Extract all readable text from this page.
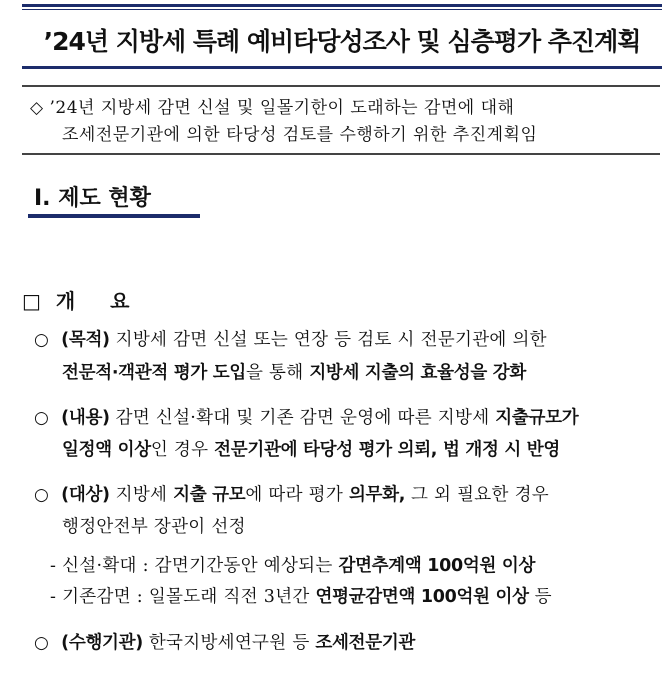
’24년 지방세 특례 예비타당성조사 및 심층평가 추진계획
◇ ’24년 지방세 감면 신설 및 일몰기한이 도래하는 감면에 대해
조세전문기관에 의한 타당성 검토를 수행하기 위한 추진계획임
Ⅰ. 제도 현황
□ 개 요
○ (목적) 지방세 감면 신설 또는 연장 등 검토 시 전문기관에 의한
전문적·객관적 평가 도입을 통해 지방세 지출의 효율성을 강화
○ (내용) 감면 신설·확대 및 기존 감면 운영에 따른 지방세 지출규모가
일정액 이상인 경우 전문기관에 타당성 평가 의뢰, 법 개정 시 반영
○ (대상) 지방세 지출 규모에 따라 평가 의무화, 그 외 필요한 경우
행정안전부 장관이 선정
- 신설·확대 : 감면기간동안 예상되는 감면추계액 100억원 이상
- 기존감면 : 일몰도래 직전 3년간 연평균감면액 100억원 이상 등
○ (수행기관) 한국지방세연구원 등 조세전문기관
